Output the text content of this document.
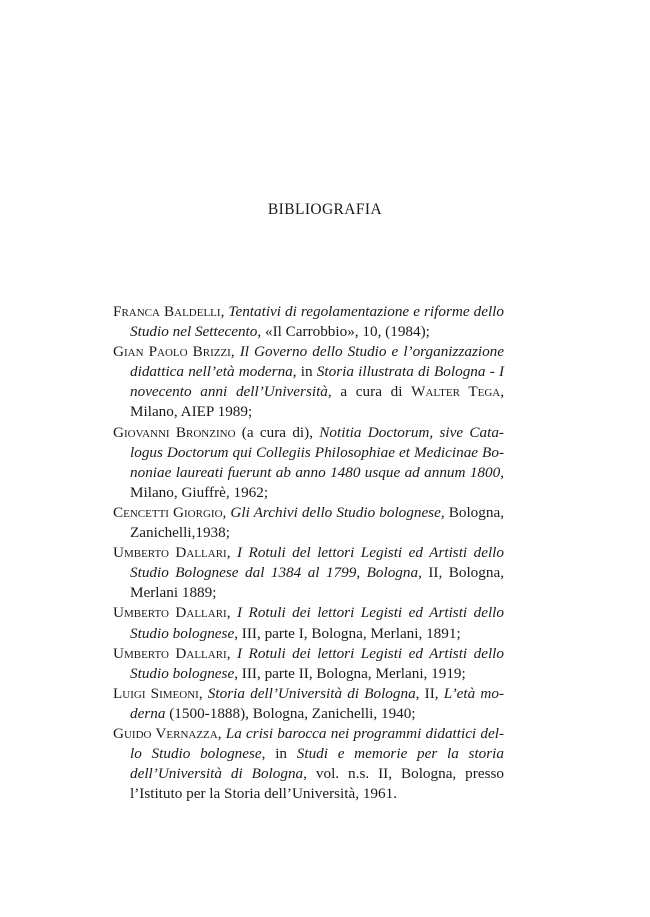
BIBLIOGRAFIA

Franca Baldelli, Tentativi di regolamentazione e riforme dello Studio nel Settecento, «Il Carrobbio», 10, (1984);

Gian Paolo Brizzi, Il Governo dello Studio e l’organizzazione didattica nell’età moderna, in Storia illustrata di Bologna - I novecento anni dell’Università, a cura di Walter Tega, Milano, AIEP 1989;

Giovanni Bronzino (a cura di), Notitia Doctorum, sive Catalogus Doctorum qui Collegiis Philosophiae et Medicinae Bononiae laureati fuerunt ab anno 1480 usque ad annum 1800, Milano, Giuffrè, 1962;

Cencetti Giorgio, Gli Archivi dello Studio bolognese, Bologna, Zanichelli,1938;

Umberto Dallari, I Rotuli del lettori Legisti ed Artisti dello Studio Bolognese dal 1384 al 1799, Bologna, II, Bologna, Merlani 1889;

Umberto Dallari, I Rotuli dei lettori Legisti ed Artisti dello Studio bolognese, III, parte I, Bologna, Merlani, 1891;

Umberto Dallari, I Rotuli dei lettori Legisti ed Artisti dello Studio bolognese, III, parte II, Bologna, Merlani, 1919;

Luigi Simeoni, Storia dell’Università di Bologna, II, L’età moderna (1500-1888), Bologna, Zanichelli, 1940;

Guido Vernazza, La crisi barocca nei programmi didattici dello Studio bolognese, in Studi e memorie per la storia dell’Università di Bologna, vol. n.s. II, Bologna, presso l’Istituto per la Storia dell’Università, 1961.
